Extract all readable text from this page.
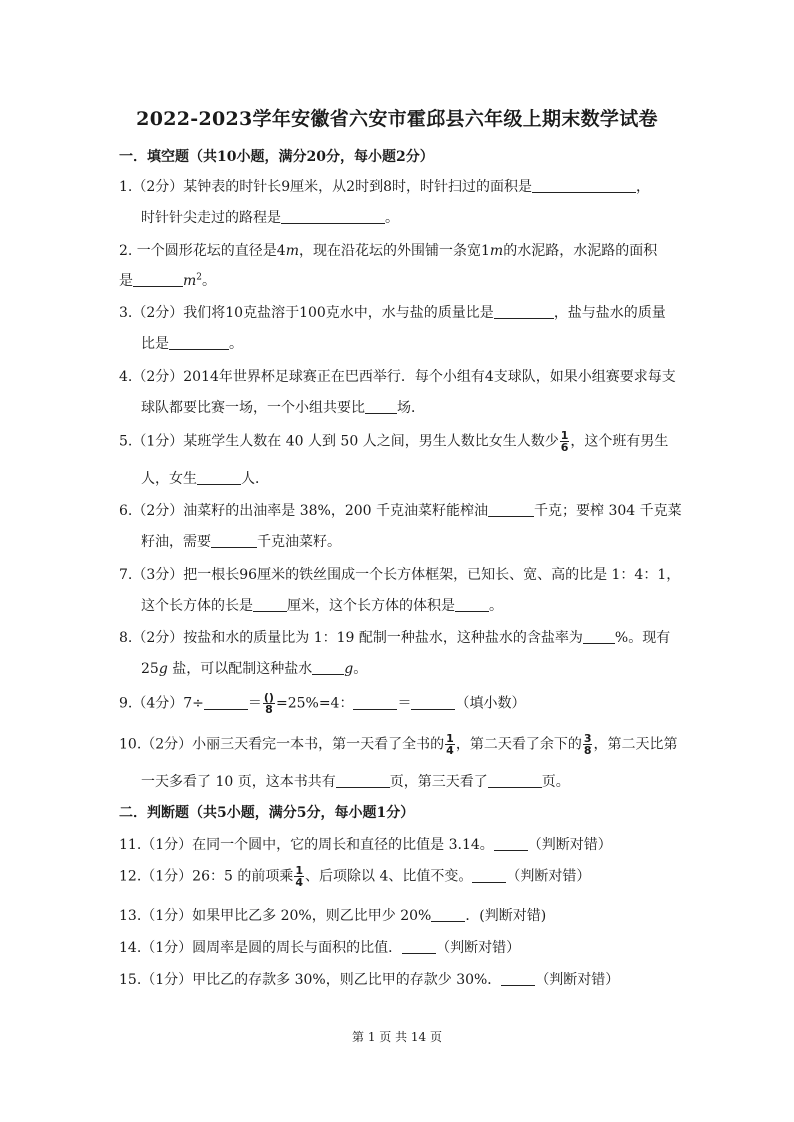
2022-2023学年安徽省六安市霍邱县六年级上期末数学试卷
一．填空题（共10小题，满分20分，每小题2分）
1.（2分）某钟表的时针长9厘米，从2时到8时，时针扫过的面积是	，
时针针尖走过的路程是	。
2. 一个圆形花坛的直径是4m，现在沿花坛的外围铺一条宽1m的水泥路，水泥路的面积
是	$m^2$。
3.（2分）我们将10克盐溶于100克水中，水与盐的质量比是	，盐与盐水的质量
比是	。
4.（2分）2014年世界杯足球赛正在巴西举行．每个小组有4支球队，如果小组赛要求每支
球队都要比赛一场，一个小组共要比 场．
5.（1分）某班学生人数在 40 人到 50 人之间，男生人数比女生人数少 $\frac{1}{6}$ ，这个班有男生
人，女生	人．
6.（2分）油菜籽的出油率是 38%，200 千克油菜籽能榨油	千克；要榨 304 千克菜
籽油，需要	千克油菜籽。
7.（3分）把一根长96厘米的铁丝围成一个长方体框架，已知长、宽、高的比是 1：4：1，
这个长方体的长是 厘米，这个长方体的体积是 。
8.（2分）按盐和水的质量比为 1：19 配制一种盐水，这种盐水的含盐率为 %。现有
25g 盐，可以配制这种盐水 g。
9.（4分）7÷	＝ $\frac{()}{8} =25\%=4$：	＝	（填小数）
10.（2分）小丽三天看完一本书，第一天看了全书的 $\frac{1}{4}$ ，第二天看了余下的 $\frac{3}{8}$ ，第二天比第
一天多看了 10 页，这本书共有	页，第三天看了	页。
二．判断题（共5小题，满分5分，每小题1分）
11.（1分）在同一个圆中，它的周长和直径的比值是 3.14。 （判断对错）
12.（1分）26：5 的前项乘 $\frac{1}{4}$ 、后项除以 4、比值不变。 （判断对错）
13.（1分）如果甲比乙多 20%，则乙比甲少 20% ．(判断对错)
14.（1分）圆周率是圆的周长与面积的比值． （判断对错）
15.（1分）甲比乙的存款多 30%，则乙比甲的存款少 30%． （判断对错）
第 1 页 共 14 页
